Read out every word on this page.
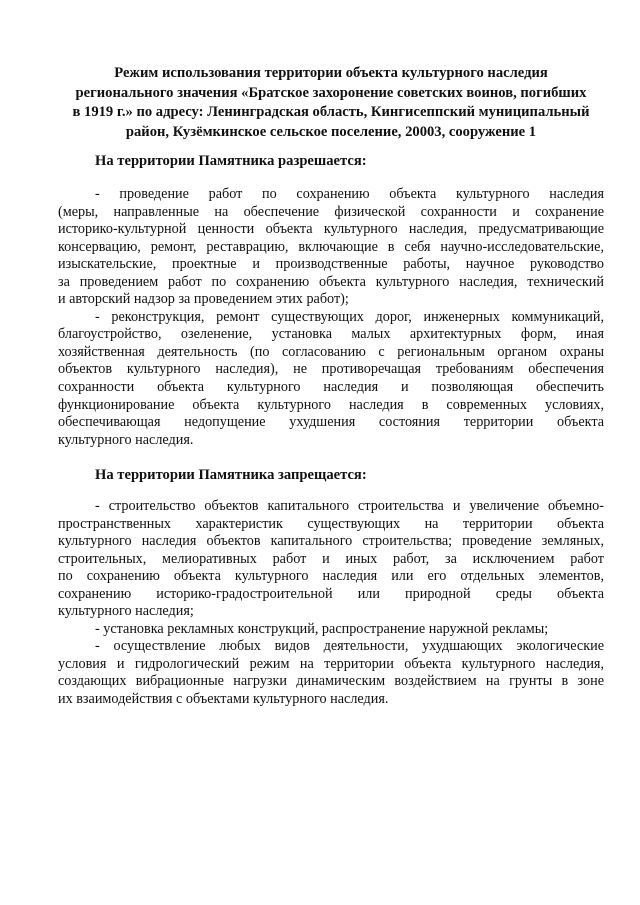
Режим использования территории объекта культурного наследия
регионального значения «Братское захоронение советских воинов, погибших
в 1919 г.» по адресу: Ленинградская область, Кингисеппский муниципальный
район, Кузёмкинское сельское поселение, 20003, сооружение 1
На территории Памятника разрешается:
- проведение работ по сохранению объекта культурного наследия
(меры, направленные на обеспечение физической сохранности и сохранение
историко-культурной ценности объекта культурного наследия, предусматривающие
консервацию, ремонт, реставрацию, включающие в себя научно-исследовательские,
изыскательские, проектные и производственные работы, научное руководство
за проведением работ по сохранению объекта культурного наследия, технический
и авторский надзор за проведением этих работ);
- реконструкция, ремонт существующих дорог, инженерных коммуникаций,
благоустройство, озеленение, установка малых архитектурных форм, иная
хозяйственная деятельность (по согласованию с региональным органом охраны
объектов культурного наследия), не противоречащая требованиям обеспечения
сохранности объекта культурного наследия и позволяющая обеспечить
функционирование объекта культурного наследия в современных условиях,
обеспечивающая недопущение ухудшения состояния территории объекта
культурного наследия.
На территории Памятника запрещается:
- строительство объектов капитального строительства и увеличение объемно-
пространственных характеристик существующих на территории объекта
культурного наследия объектов капитального строительства; проведение земляных,
строительных, мелиоративных работ и иных работ, за исключением работ
по сохранению объекта культурного наследия или его отдельных элементов,
сохранению историко-градостроительной или природной среды объекта
культурного наследия;
- установка рекламных конструкций, распространение наружной рекламы;
- осуществление любых видов деятельности, ухудшающих экологические
условия и гидрологический режим на территории объекта культурного наследия,
создающих вибрационные нагрузки динамическим воздействием на грунты в зоне
их взаимодействия с объектами культурного наследия.
